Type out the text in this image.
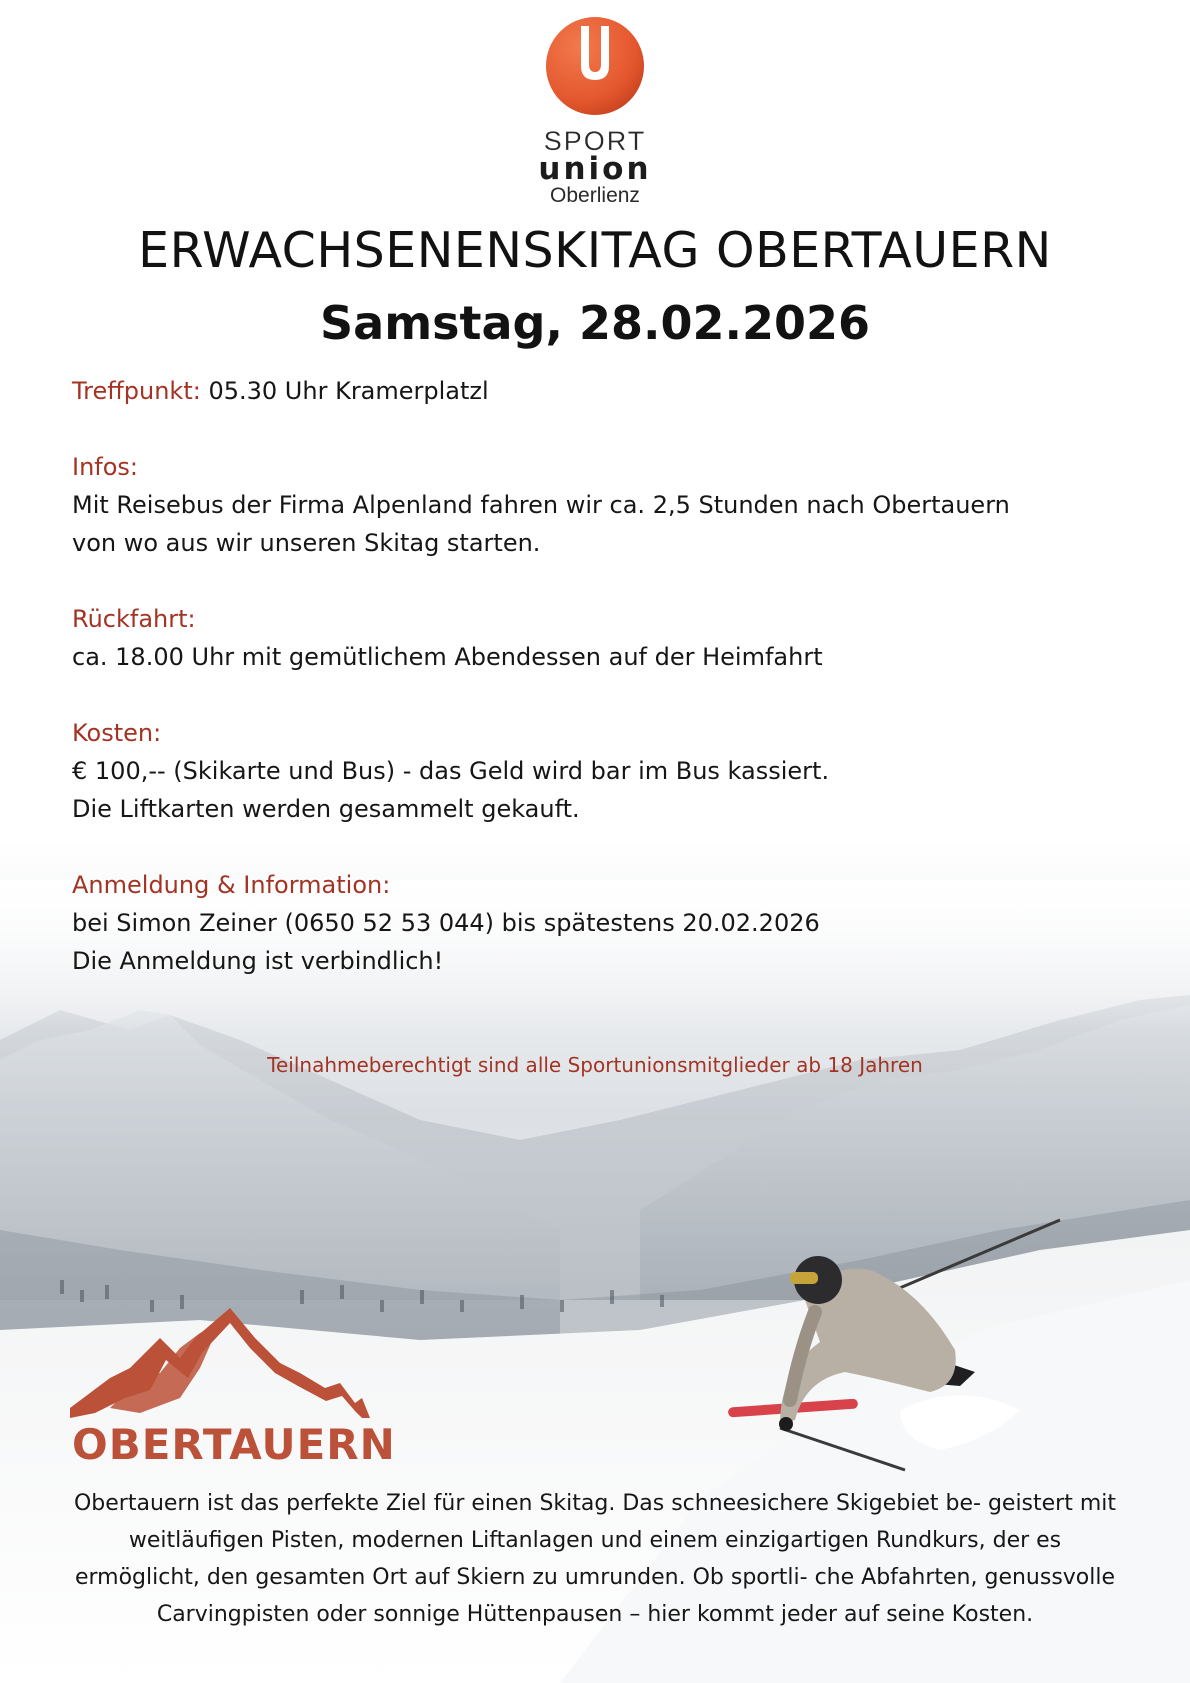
SPORT
union
Oberlienz
ERWACHSENENSKITAG OBERTAUERN
Samstag, 28.02.2026

Treffpunkt: 05.30 Uhr Kramerplatzl

Infos:

Mit Reisebus der Firma Alpenland fahren wir ca. 2,5 Stunden nach Obertauern

von wo aus wir unseren Skitag starten.

Rückfahrt:

ca. 18.00 Uhr mit gemütlichem Abendessen auf der Heimfahrt

Kosten:

€ 100,-- (Skikarte und Bus) - das Geld wird bar im Bus kassiert.

Die Liftkarten werden gesammelt gekauft.

Anmeldung & Information:

bei Simon Zeiner (0650 52 53 044) bis spätestens 20.02.2026

Die Anmeldung ist verbindlich!

Teilnahmeberechtigt sind alle Sportunionsmitglieder ab 18 Jahren

OBERTAUERN

Obertauern ist das perfekte Ziel für einen Skitag. Das schneesichere Skigebiet be- geistert mit weitläufigen Pisten, modernen Liftanlagen und einem einzigartigen Rundkurs, der es ermöglicht, den gesamten Ort auf Skiern zu umrunden. Ob sportli- che Abfahrten, genussvolle Carvingpisten oder sonnige Hüttenpausen – hier kommt jeder auf seine Kosten.
